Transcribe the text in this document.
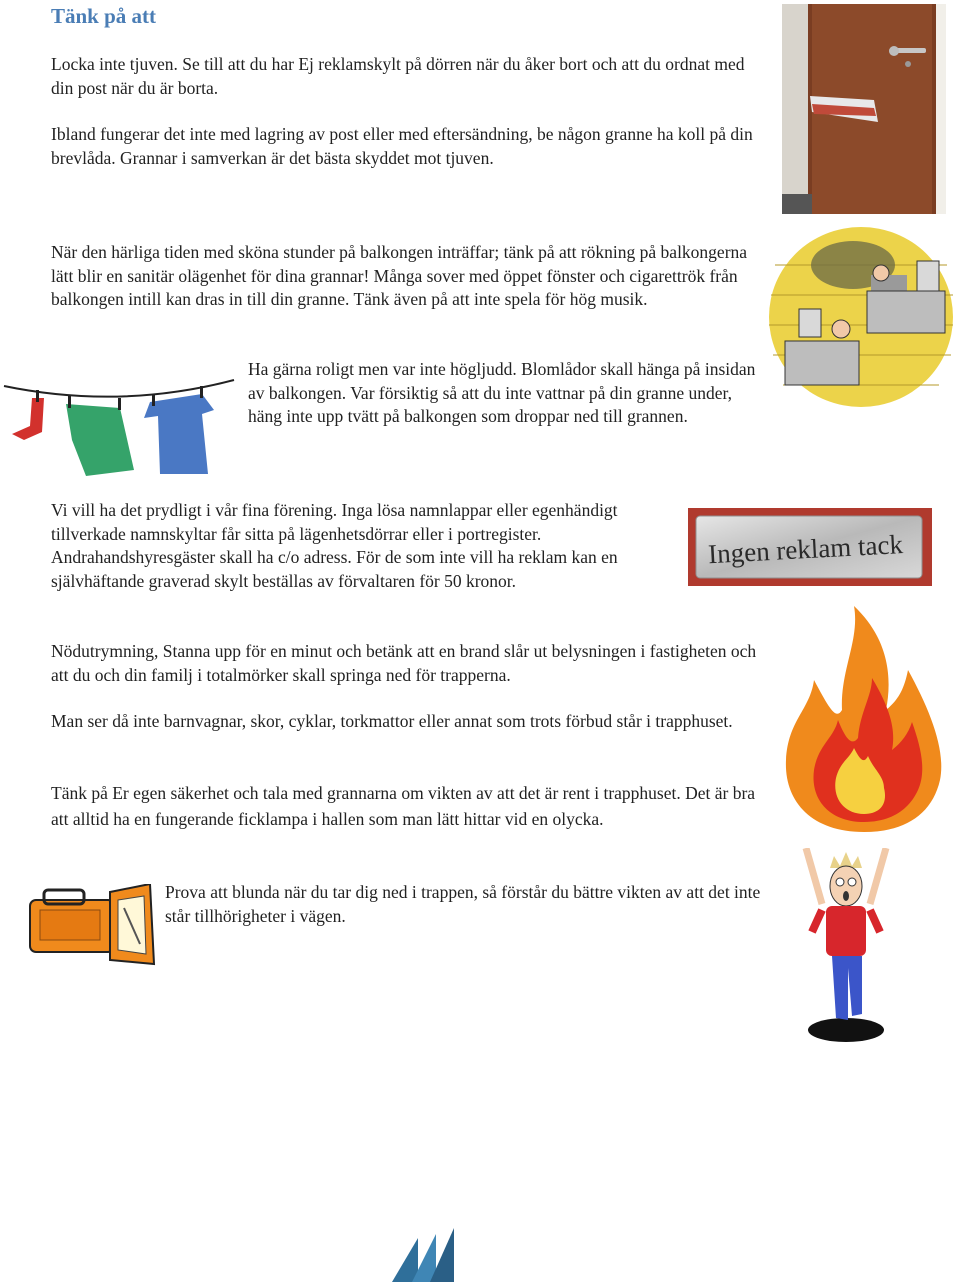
Tänk på att

Locka inte tjuven. Se till att du har Ej reklamskylt på dörren när du åker bort och att du ordnat med din post när du är borta.

Ibland fungerar det inte med lagring av post eller med eftersändning, be någon granne ha koll på din brevlåda. Grannar i samverkan är det bästa skyddet mot tjuven.

När den härliga tiden med sköna stunder på balkongen inträffar; tänk på att rökning på balkongerna lätt blir en sanitär olägenhet för dina grannar! Många sover med öppet fönster och cigarettrök från balkongen intill kan dras in till din granne. Tänk även på att inte spela för hög musik.

Ha gärna roligt men var inte högljudd. Blomlådor skall hänga på insidan av balkongen. Var försiktig så att du inte vattnar på din granne under, häng inte upp tvätt på balkongen som droppar ned till grannen.

Vi vill ha det prydligt i vår fina förening. Inga lösa namnlappar eller egenhändigt tillverkade namnskyltar får sitta på lägenhetsdörrar eller i portregister. Andrahandshyresgäster skall ha c/o adress. För de som inte vill ha reklam kan en självhäftande graverad skylt beställas av förvaltaren för 50 kronor.

Nödutrymning, Stanna upp för en minut och betänk att en brand slår ut belysningen i fastigheten och att du och din familj i totalmörker skall springa ned för trapperna.

Man ser då inte barnvagnar, skor, cyklar, torkmattor eller annat som trots förbud står i trapphuset.

Tänk på Er egen säkerhet och tala med grannarna om vikten av att det är rent i trapphuset. Det är bra att alltid ha en fungerande ficklampa i hallen som man lätt hittar vid en olycka.

Prova att blunda när du tar dig ned i trappen, så förstår du bättre vikten av att det inte står tillhörigheter i vägen.

Ingen reklam tack
